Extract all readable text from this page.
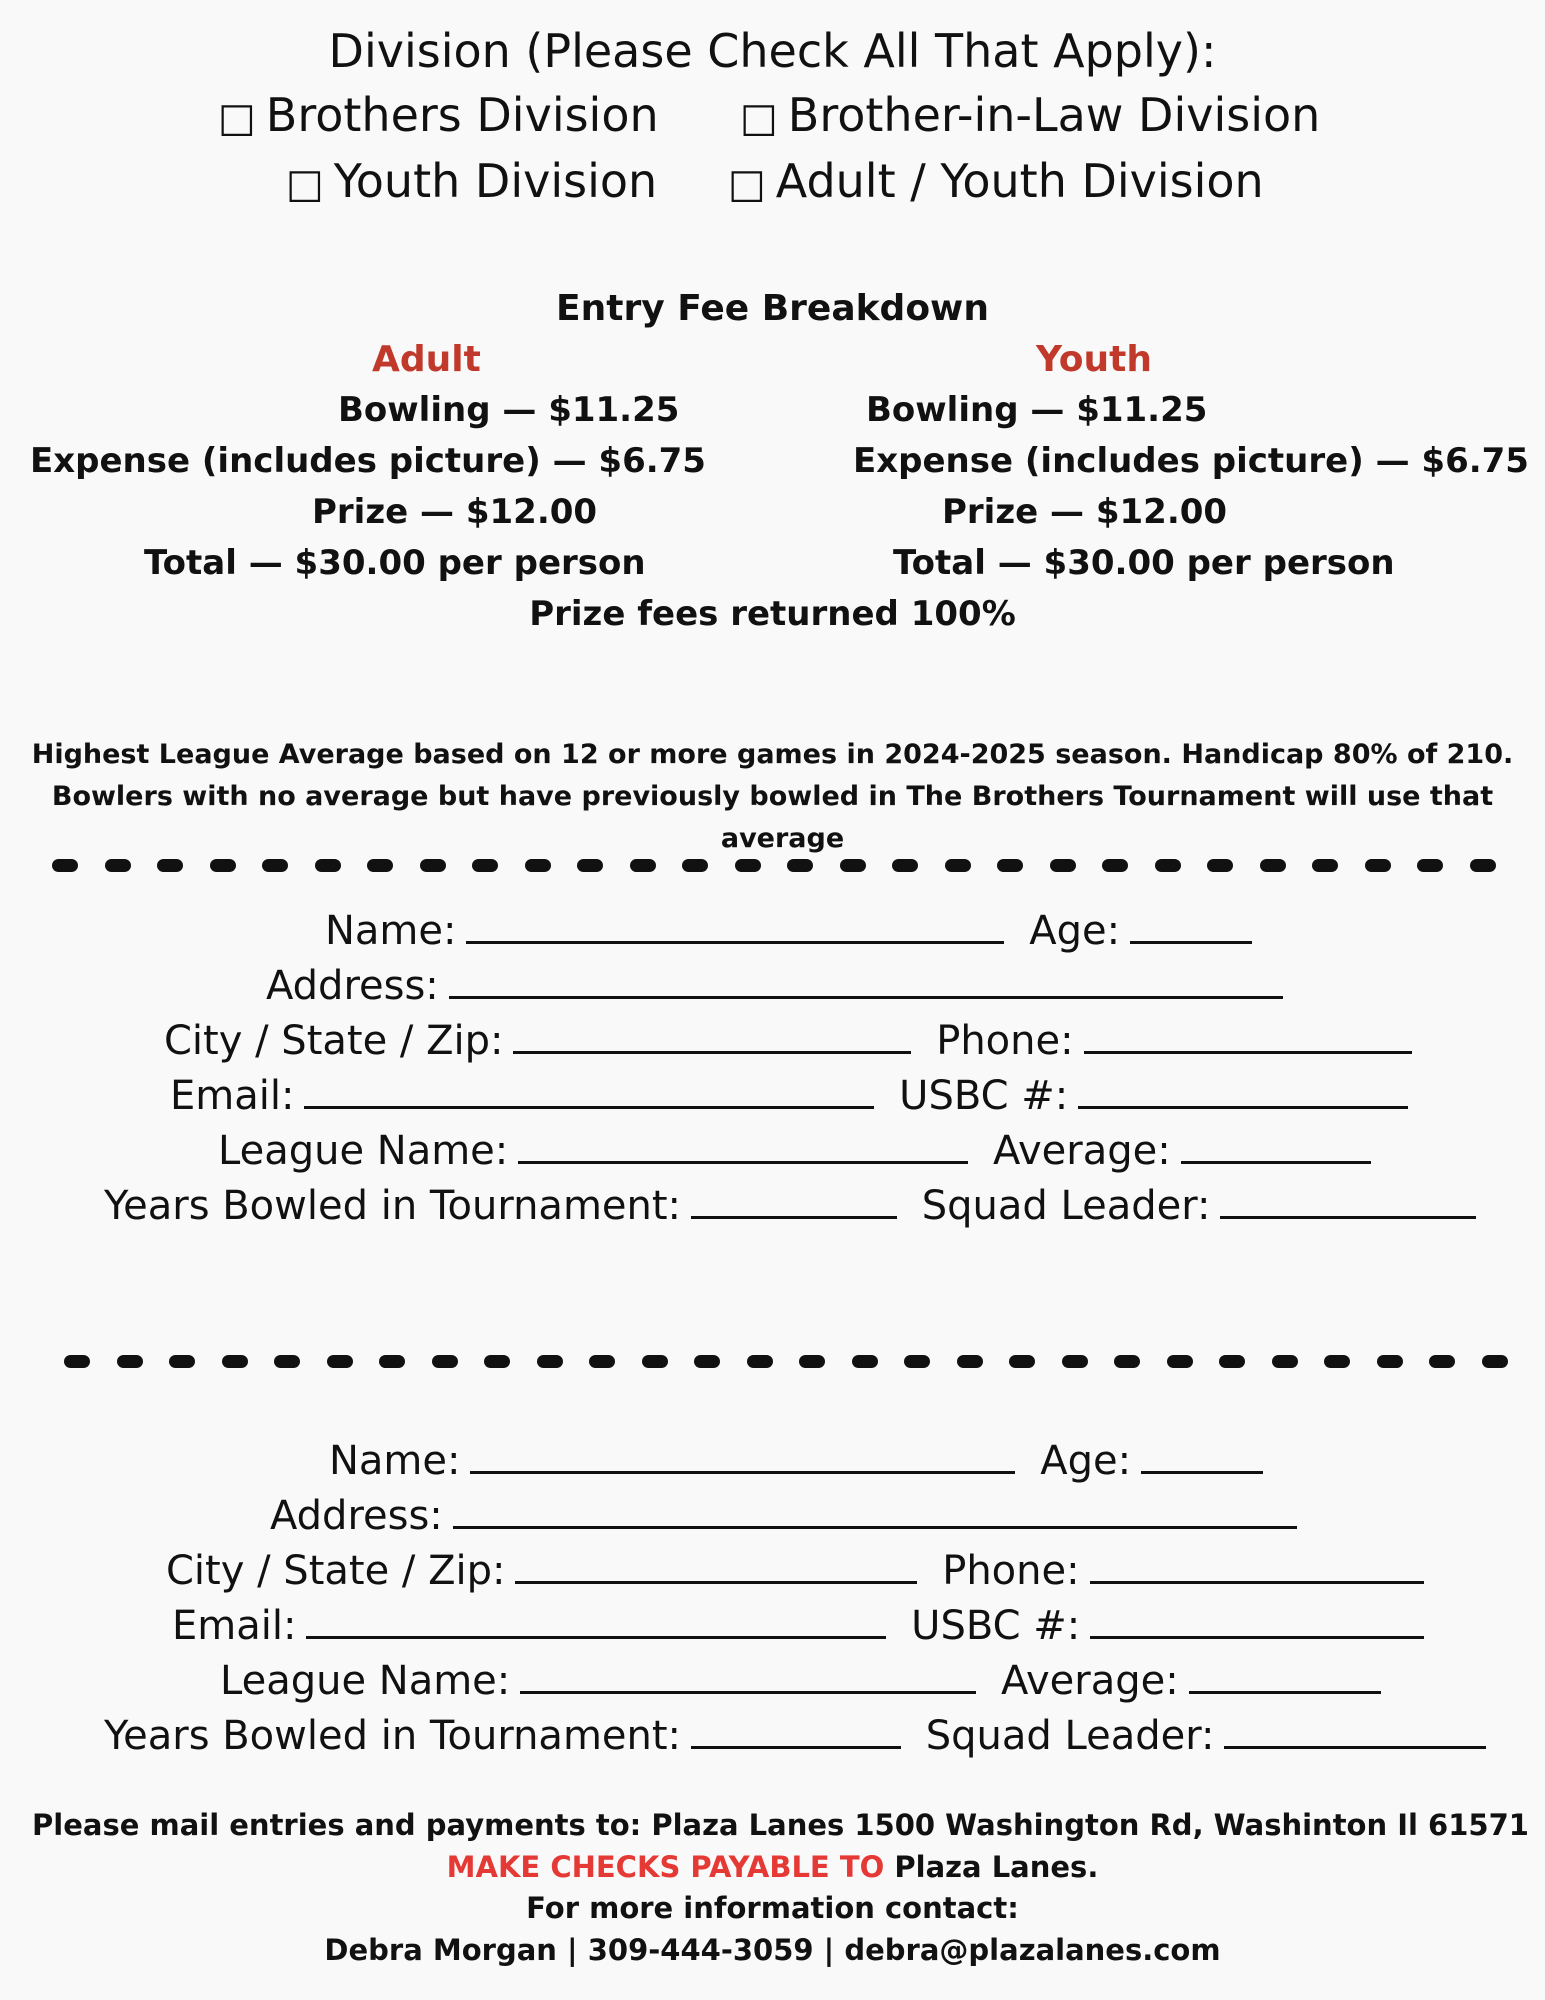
Division (Please Check All That Apply):
□ Brothers Division □ Brother-in-Law Division
□ Youth Division □ Adult / Youth Division
Entry Fee Breakdown
Adult
Bowling — $11.25
Expense (includes picture) — $6.75
Prize — $12.00
Total — $30.00 per person
Youth
Bowling — $11.25
Expense (includes picture) — $6.75
Prize — $12.00
Total — $30.00 per person
Prize fees returned 100%
Highest League Average based on 12 or more games in 2024-2025 season. Handicap 80% of 210.
Bowlers with no average but have previously bowled in The Brothers Tournament will use that
average
Name:	Age:
Address:
City / State / Zip:	Phone:
Email:	USBC #:
League Name:	Average:
Years Bowled in Tournament:	Squad Leader:
Name:	Age:
Address:
City / State / Zip:	Phone:
Email:	USBC #:
League Name:	Average:
Years Bowled in Tournament:	Squad Leader:
Please mail entries and payments to: Plaza Lanes 1500 Washington Rd, Washinton Il 61571
MAKE CHECKS PAYABLE TO Plaza Lanes.
For more information contact:
Debra Morgan | 309-444-3059 | debra@plazalanes.com
